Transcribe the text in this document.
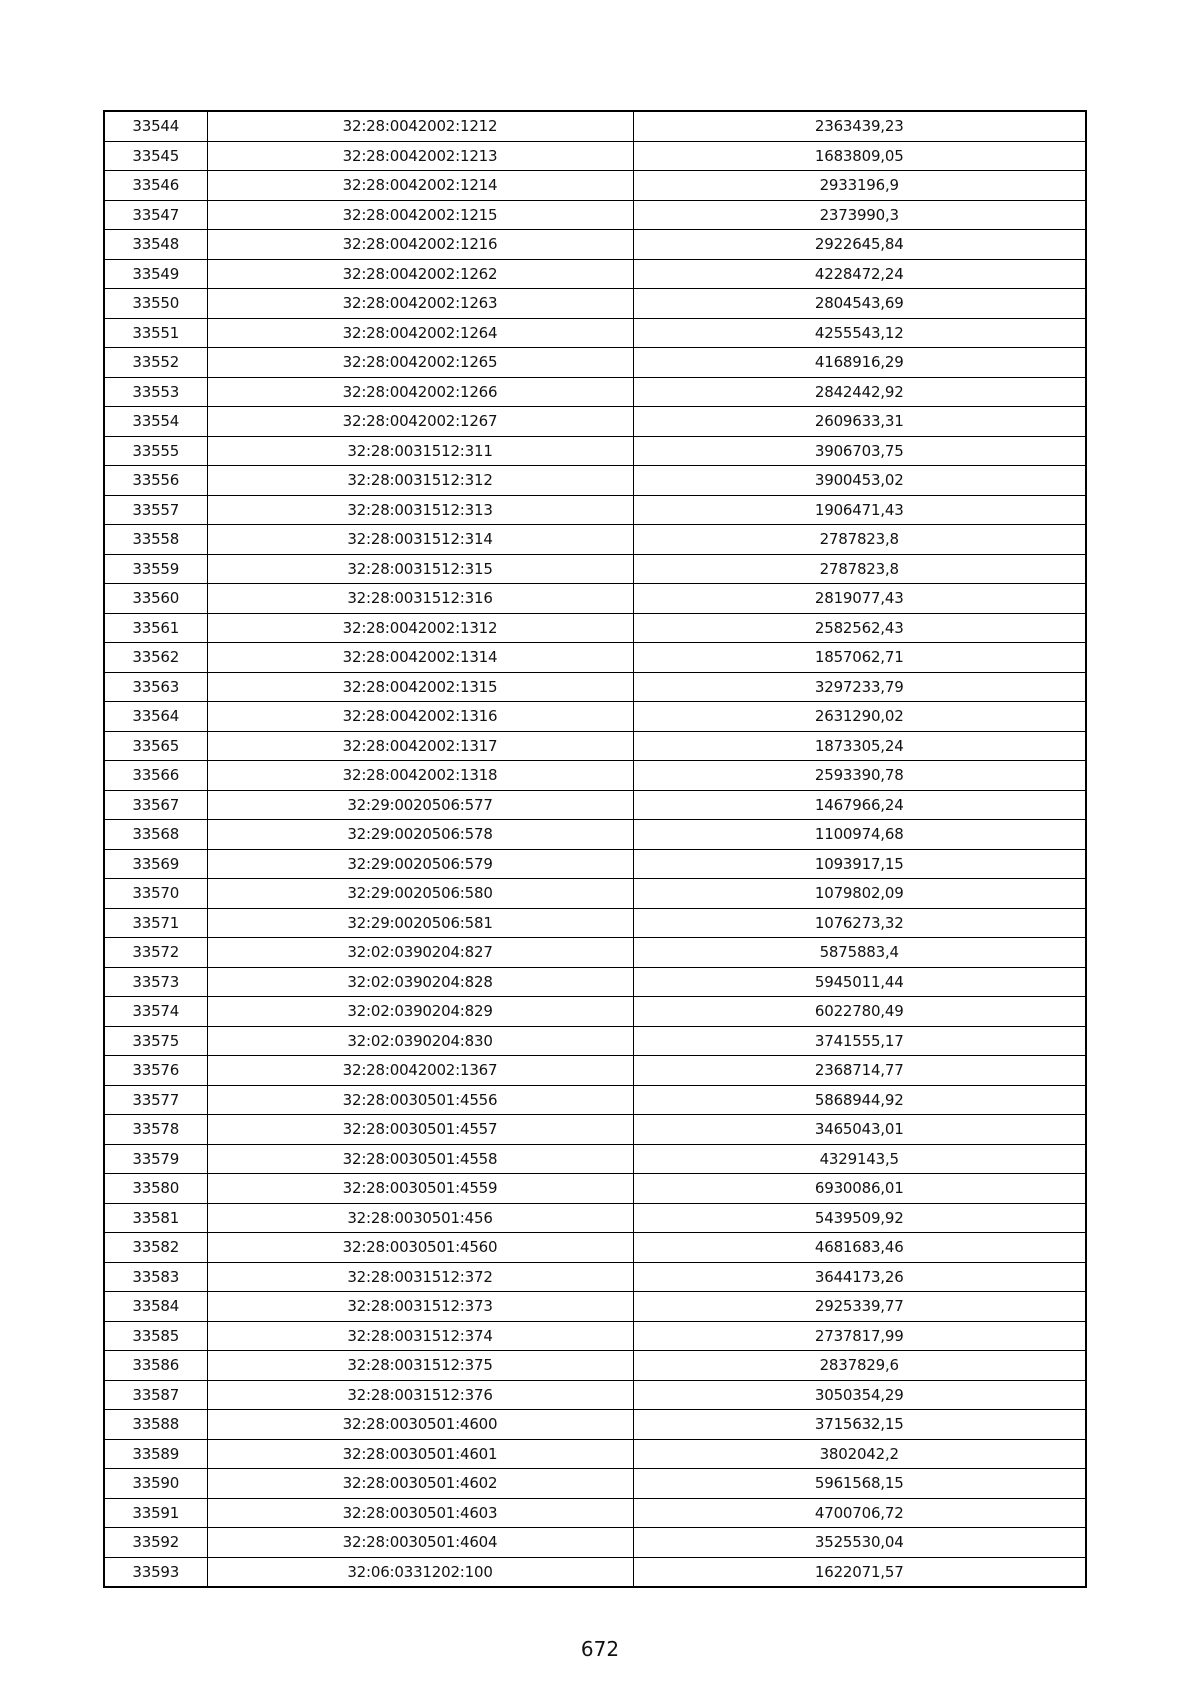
33544	32:28:0042002:1212	2363439,23
33545	32:28:0042002:1213	1683809,05
33546	32:28:0042002:1214	2933196,9
33547	32:28:0042002:1215	2373990,3
33548	32:28:0042002:1216	2922645,84
33549	32:28:0042002:1262	4228472,24
33550	32:28:0042002:1263	2804543,69
33551	32:28:0042002:1264	4255543,12
33552	32:28:0042002:1265	4168916,29
33553	32:28:0042002:1266	2842442,92
33554	32:28:0042002:1267	2609633,31
33555	32:28:0031512:311	3906703,75
33556	32:28:0031512:312	3900453,02
33557	32:28:0031512:313	1906471,43
33558	32:28:0031512:314	2787823,8
33559	32:28:0031512:315	2787823,8
33560	32:28:0031512:316	2819077,43
33561	32:28:0042002:1312	2582562,43
33562	32:28:0042002:1314	1857062,71
33563	32:28:0042002:1315	3297233,79
33564	32:28:0042002:1316	2631290,02
33565	32:28:0042002:1317	1873305,24
33566	32:28:0042002:1318	2593390,78
33567	32:29:0020506:577	1467966,24
33568	32:29:0020506:578	1100974,68
33569	32:29:0020506:579	1093917,15
33570	32:29:0020506:580	1079802,09
33571	32:29:0020506:581	1076273,32
33572	32:02:0390204:827	5875883,4
33573	32:02:0390204:828	5945011,44
33574	32:02:0390204:829	6022780,49
33575	32:02:0390204:830	3741555,17
33576	32:28:0042002:1367	2368714,77
33577	32:28:0030501:4556	5868944,92
33578	32:28:0030501:4557	3465043,01
33579	32:28:0030501:4558	4329143,5
33580	32:28:0030501:4559	6930086,01
33581	32:28:0030501:456	5439509,92
33582	32:28:0030501:4560	4681683,46
33583	32:28:0031512:372	3644173,26
33584	32:28:0031512:373	2925339,77
33585	32:28:0031512:374	2737817,99
33586	32:28:0031512:375	2837829,6
33587	32:28:0031512:376	3050354,29
33588	32:28:0030501:4600	3715632,15
33589	32:28:0030501:4601	3802042,2
33590	32:28:0030501:4602	5961568,15
33591	32:28:0030501:4603	4700706,72
33592	32:28:0030501:4604	3525530,04
33593	32:06:0331202:100	1622071,57
672
